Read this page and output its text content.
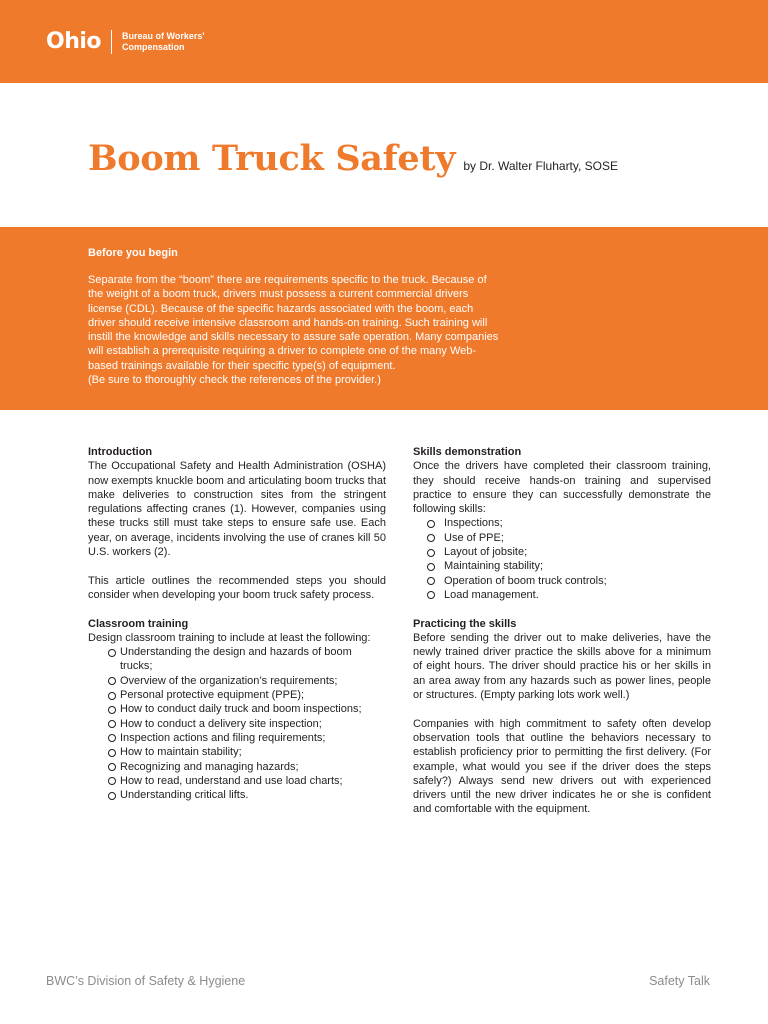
Ohio	Bureau of Workers'
Compensation
Boom Truck Safety by Dr. Walter Fluharty, SOSE

Before you begin

Separate from the “boom” there are requirements specific to the truck. Because of the weight of a boom truck, drivers must possess a current commercial drivers license (CDL). Because of the specific hazards associated with the boom, each driver should receive intensive classroom and hands-on training. Such training will instill the knowledge and skills necessary to assure safe operation. Many companies will establish a prerequisite requiring a driver to complete one of the many Web-based trainings available for their specific type(s) of equipment.

(Be sure to thoroughly check the references of the provider.)

Introduction

The Occupational Safety and Health Administration (OSHA) now exempts knuckle boom and articulating boom trucks that make deliveries to construction sites from the stringent regulations affecting cranes (1). However, companies using these trucks still must take steps to ensure safe use. Each year, on average, incidents involving the use of cranes kill 50 U.S. workers (2).

This article outlines the recommended steps you should consider when developing your boom truck safety process.

Classroom training
Design classroom training to include at least the following:
Understanding the design and hazards of boom trucks;
Overview of the organization’s requirements;
Personal protective equipment (PPE);
How to conduct daily truck and boom inspections;
How to conduct a delivery site inspection;
Inspection actions and filing requirements;
How to maintain stability;
Recognizing and managing hazards;
How to read, understand and use load charts;
Understanding critical lifts.
Skills demonstration
Once the drivers have completed their classroom training, they should receive hands-on training and supervised practice to ensure they can successfully demonstrate the following skills:
Inspections;
Use of PPE;
Layout of jobsite;
Maintaining stability;
Operation of boom truck controls;
Load management.
Practicing the skills

Before sending the driver out to make deliveries, have the newly trained driver practice the skills above for a minimum of eight hours. The driver should practice his or her skills in an area away from any hazards such as power lines, people or structures. (Empty parking lots work well.)

Companies with high commitment to safety often develop observation tools that outline the behaviors necessary to establish proficiency prior to permitting the first delivery. (For example, what would you see if the driver does the steps safely?) Always send new drivers out with experienced drivers until the new driver indicates he or she is confident and comfortable with the equipment.

BWC’s Division of Safety & Hygiene	Safety Talk
